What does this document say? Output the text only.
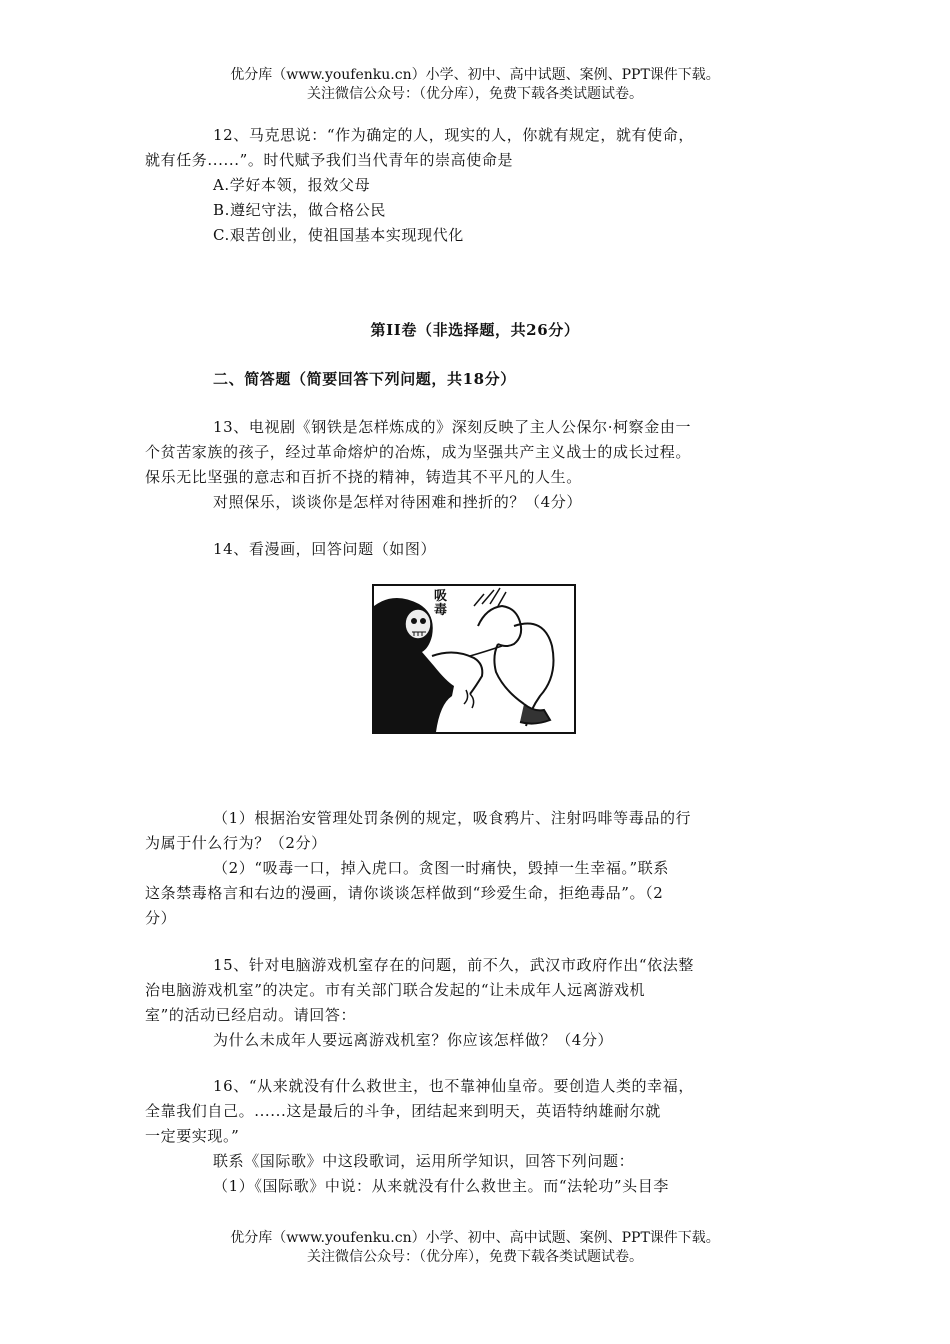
优分库（www.youfenku.cn）小学、初中、高中试题、案例、PPT课件下载。
关注微信公众号：（优分库），免费下载各类试题试卷。
12、马克思说：“作为确定的人，现实的人，你就有规定，就有使命，
就有任务......”。时代赋予我们当代青年的崇高使命是
A.学好本领，报效父母
B.遵纪守法，做合格公民
C.艰苦创业，使祖国基本实现现代化
第II卷（非选择题，共26分）
二、简答题（简要回答下列问题，共18分）
13、电视剧《钢铁是怎样炼成的》深刻反映了主人公保尔·柯察金由一
个贫苦家族的孩子，经过革命熔炉的冶炼，成为坚强共产主义战士的成长过程。
保乐无比坚强的意志和百折不挠的精神，铸造其不平凡的人生。
对照保乐，谈谈你是怎样对待困难和挫折的？（4分）
14、看漫画，回答问题（如图）
吸毒
（1）根据治安管理处罚条例的规定，吸食鸦片、注射吗啡等毒品的行
为属于什么行为？（2分）
（2）“吸毒一口，掉入虎口。贪图一时痛快，毁掉一生幸福。”联系
这条禁毒格言和右边的漫画，请你谈谈怎样做到“珍爱生命，拒绝毒品”。（2
分）
15、针对电脑游戏机室存在的问题，前不久，武汉市政府作出“依法整
治电脑游戏机室”的决定。市有关部门联合发起的“让未成年人远离游戏机
室”的活动已经启动。请回答：
为什么未成年人要远离游戏机室？你应该怎样做？（4分）
16、“从来就没有什么救世主，也不靠神仙皇帝。要创造人类的幸福，
全靠我们自己。......这是最后的斗争，团结起来到明天，英语特纳雄耐尔就
一定要实现。”
联系《国际歌》中这段歌词，运用所学知识，回答下列问题：
（1）《国际歌》中说：从来就没有什么救世主。而“法轮功”头目李
优分库（www.youfenku.cn）小学、初中、高中试题、案例、PPT课件下载。
关注微信公众号：（优分库），免费下载各类试题试卷。
